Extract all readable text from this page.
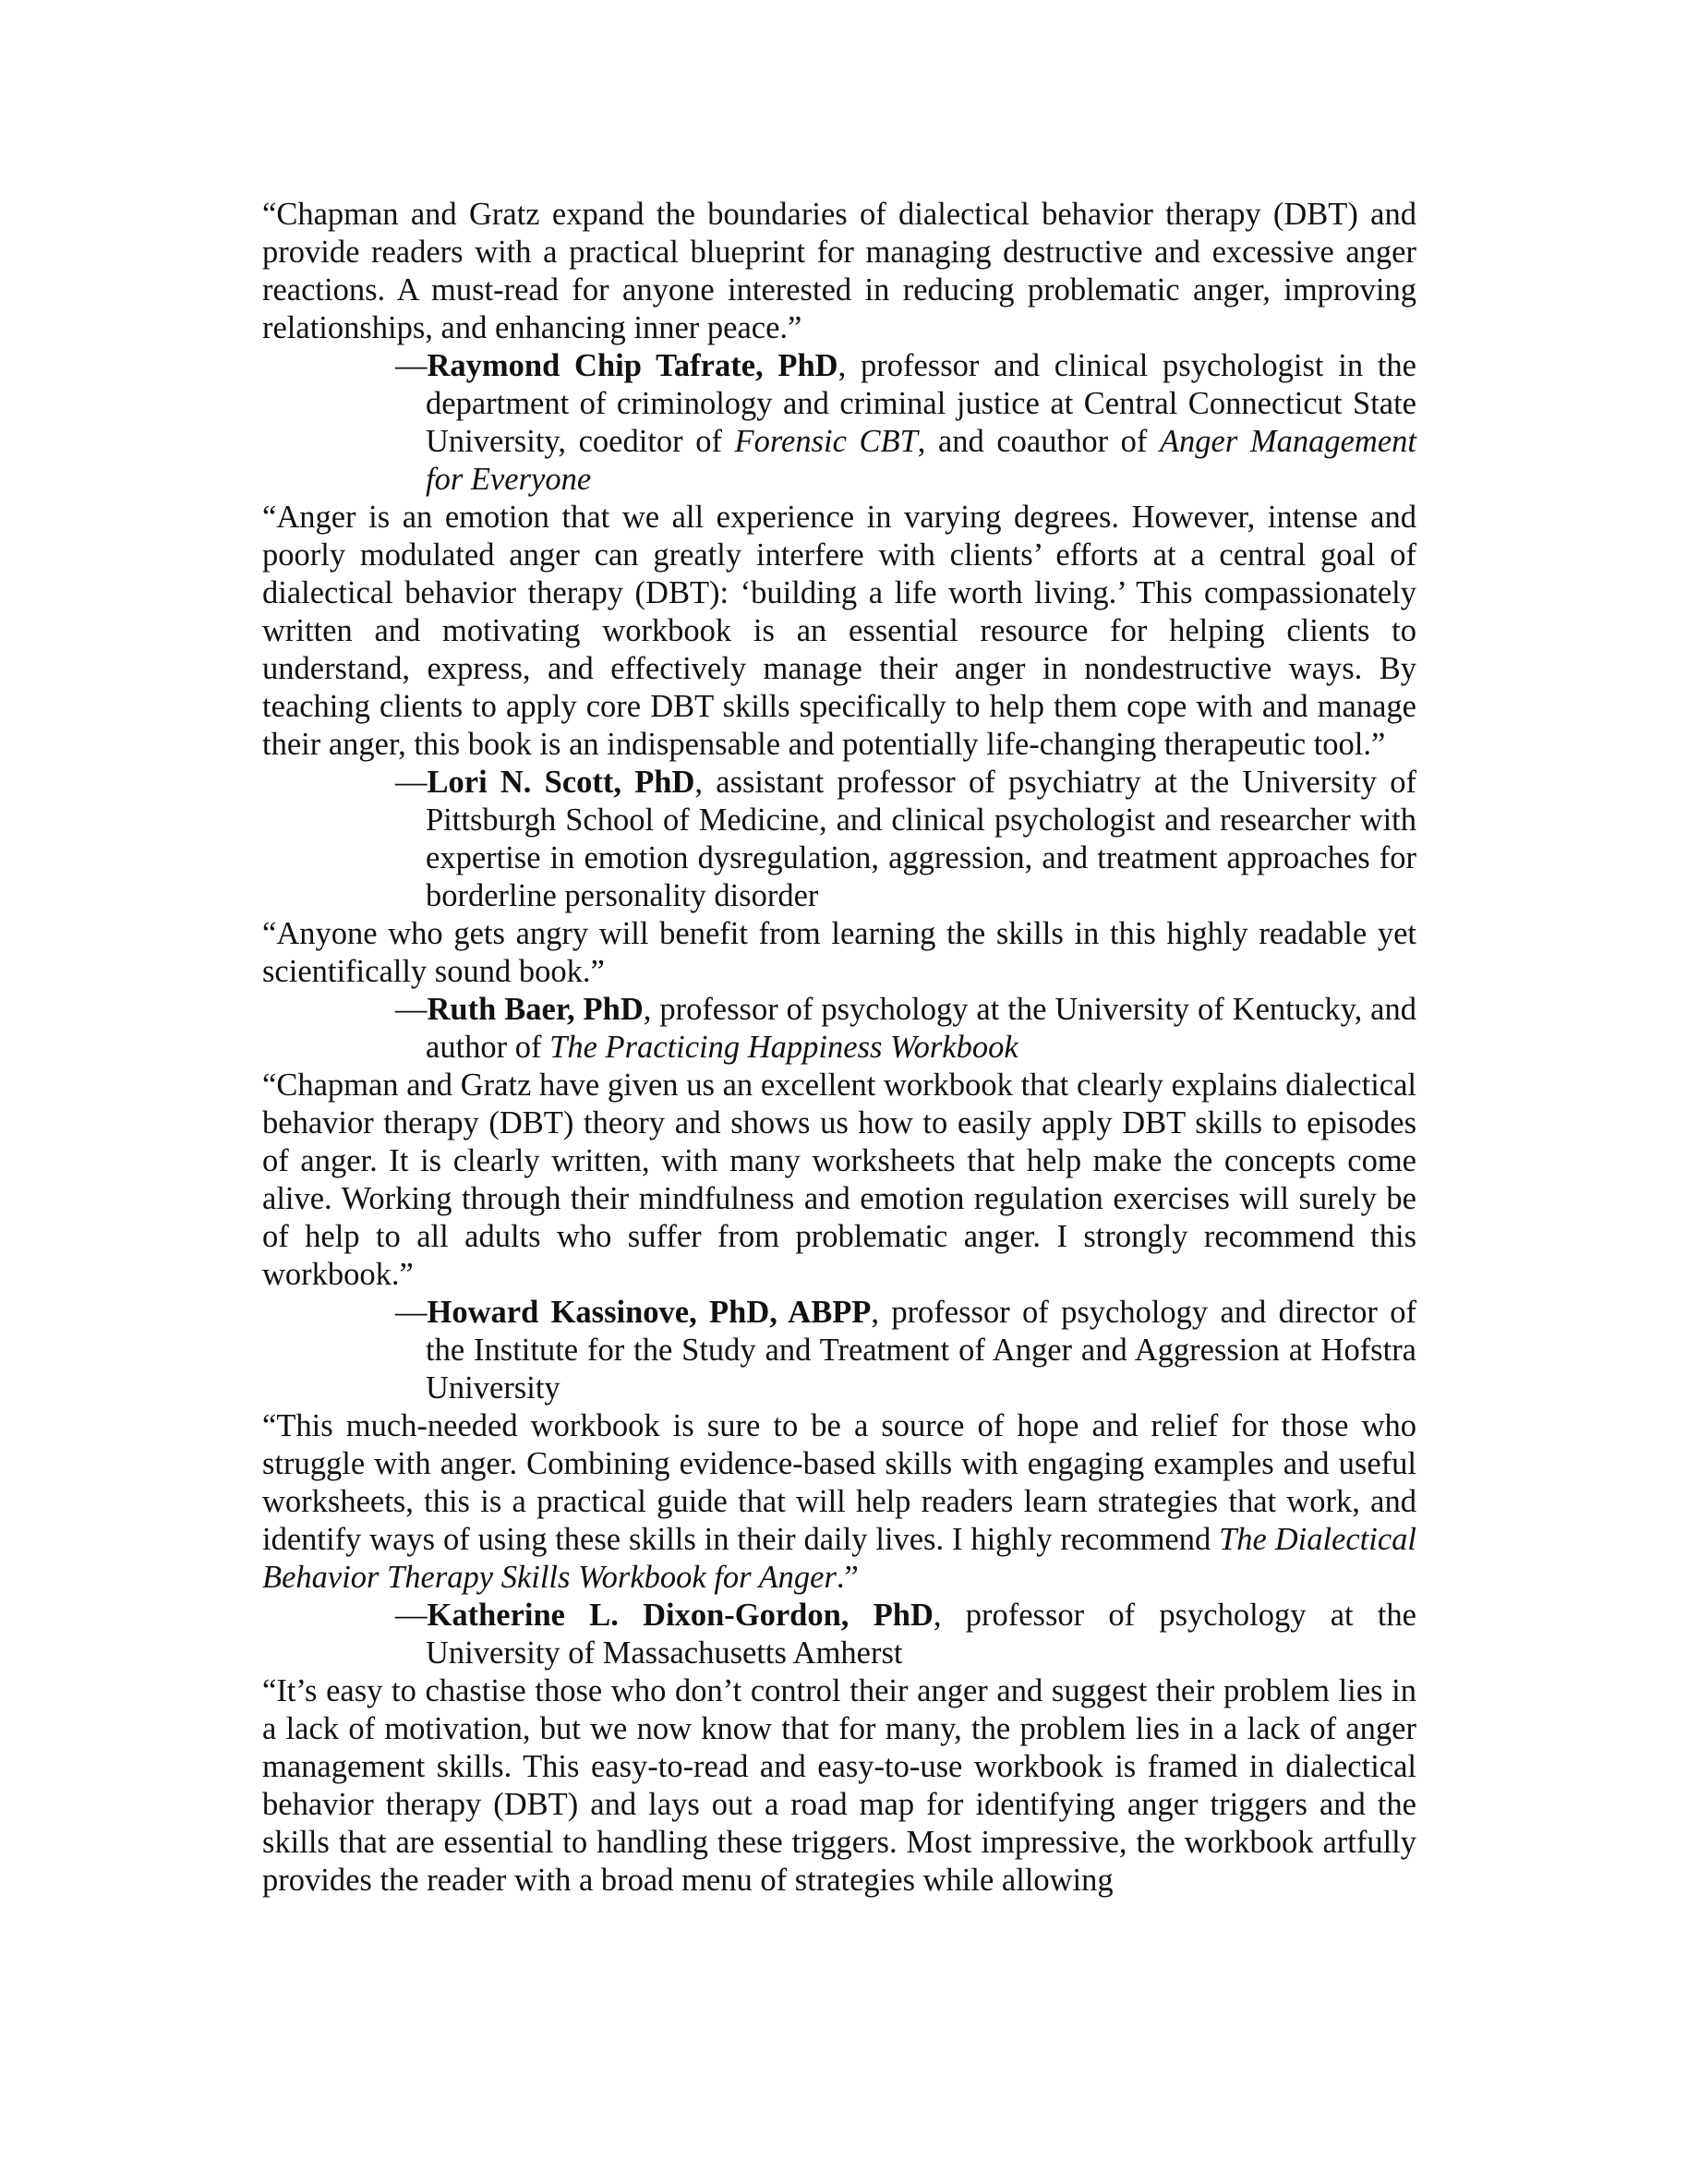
“Chapman and Gratz expand the boundaries of dialectical behavior therapy (DBT) and provide readers with a practical blueprint for managing destructive and excessive anger reactions. A must-read for anyone interested in reducing problematic anger, improving relationships, and enhancing inner peace.”

—Raymond Chip Tafrate, PhD, professor and clinical psychologist in the department of criminology and criminal justice at Central Connecticut State University, coeditor of Forensic CBT, and coauthor of Anger Management for Everyone

“Anger is an emotion that we all experience in varying degrees. However, intense and poorly modulated anger can greatly interfere with clients’ efforts at a central goal of dialectical behavior therapy (DBT): ‘building a life worth living.’ This compassionately written and motivating workbook is an essential resource for helping clients to understand, express, and effectively manage their anger in nondestructive ways. By teaching clients to apply core DBT skills specifically to help them cope with and manage their anger, this book is an indispensable and potentially life-changing therapeutic tool.”

—Lori N. Scott, PhD, assistant professor of psychiatry at the University of Pittsburgh School of Medicine, and clinical psychologist and researcher with expertise in emotion dysregulation, aggression, and treatment approaches for borderline personality disorder

“Anyone who gets angry will benefit from learning the skills in this highly readable yet scientifically sound book.”

—Ruth Baer, PhD, professor of psychology at the University of Kentucky, and author of The Practicing Happiness Workbook

“Chapman and Gratz have given us an excellent workbook that clearly explains dialectical behavior therapy (DBT) theory and shows us how to easily apply DBT skills to episodes of anger. It is clearly written, with many worksheets that help make the concepts come alive. Working through their mindfulness and emotion regulation exercises will surely be of help to all adults who suffer from problematic anger. I strongly recommend this workbook.”

—Howard Kassinove, PhD, ABPP, professor of psychology and director of the Institute for the Study and Treatment of Anger and Aggression at Hofstra University

“This much-needed workbook is sure to be a source of hope and relief for those who struggle with anger. Combining evidence-based skills with engaging examples and useful worksheets, this is a practical guide that will help readers learn strategies that work, and identify ways of using these skills in their daily lives. I highly recommend The Dialectical Behavior Therapy Skills Workbook for Anger.”

—Katherine L. Dixon-Gordon, PhD, professor of psychology at the University of Massachusetts Amherst

“It’s easy to chastise those who don’t control their anger and suggest their problem lies in a lack of motivation, but we now know that for many, the problem lies in a lack of anger management skills. This easy-to-read and easy-to-use workbook is framed in dialectical behavior therapy (DBT) and lays out a road map for identifying anger triggers and the skills that are essential to handling these triggers. Most impressive, the workbook artfully provides the reader with a broad menu of strategies while allowing
